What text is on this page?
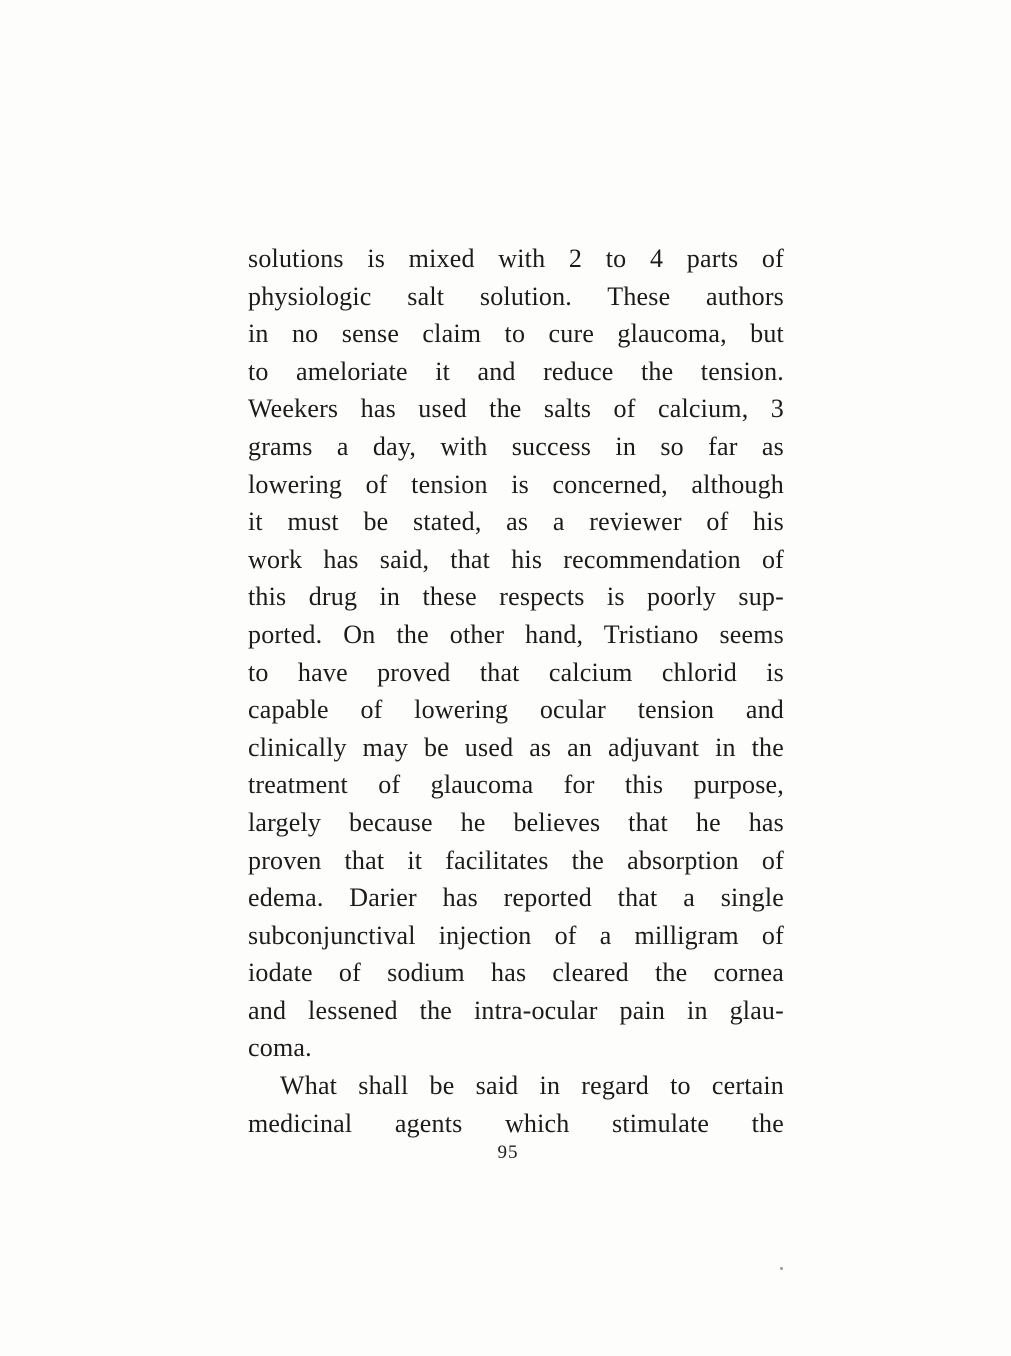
solutions is mixed with 2 to 4 parts of
physiologic salt solution. These authors
in no sense claim to cure glaucoma, but
to ameloriate it and reduce the tension.
Weekers has used the salts of calcium, 3
grams a day, with success in so far as
lowering of tension is concerned, although
it must be stated, as a reviewer of his
work has said, that his recommendation of
this drug in these respects is poorly sup-
ported. On the other hand, Tristiano seems
to have proved that calcium chlorid is
capable of lowering ocular tension and
clinically may be used as an adjuvant in the
treatment of glaucoma for this purpose,
largely because he believes that he has
proven that it facilitates the absorption of
edema. Darier has reported that a single
subconjunctival injection of a milligram of
iodate of sodium has cleared the cornea
and lessened the intra-ocular pain in glau-
coma.
What shall be said in regard to certain
medicinal agents which stimulate the
95
